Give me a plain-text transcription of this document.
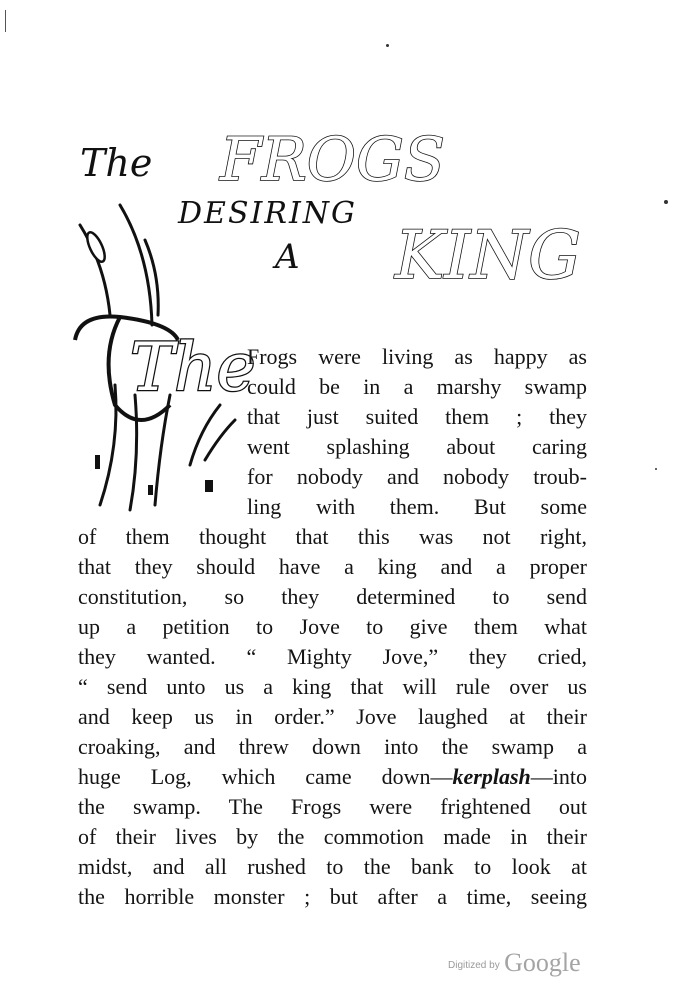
The FROGS
DESIRING
A KING
The
Frogs were living as happy as
could be in a marshy swamp
that just suited them ; they
went splashing about caring
for nobody and nobody troub-
ling with them. But some
of them thought that this was not right,
that they should have a king and a proper
constitution, so they determined to send
up a petition to Jove to give them what
they wanted. “ Mighty Jove,” they cried,
“ send unto us a king that will rule over us
and keep us in order.” Jove laughed at their
croaking, and threw down into the swamp a
huge Log, which came down—kerplash—into
the swamp. The Frogs were frightened out
of their lives by the commotion made in their
midst, and all rushed to the bank to look at
the horrible monster ; but after a time, seeing
Digitized by Google
